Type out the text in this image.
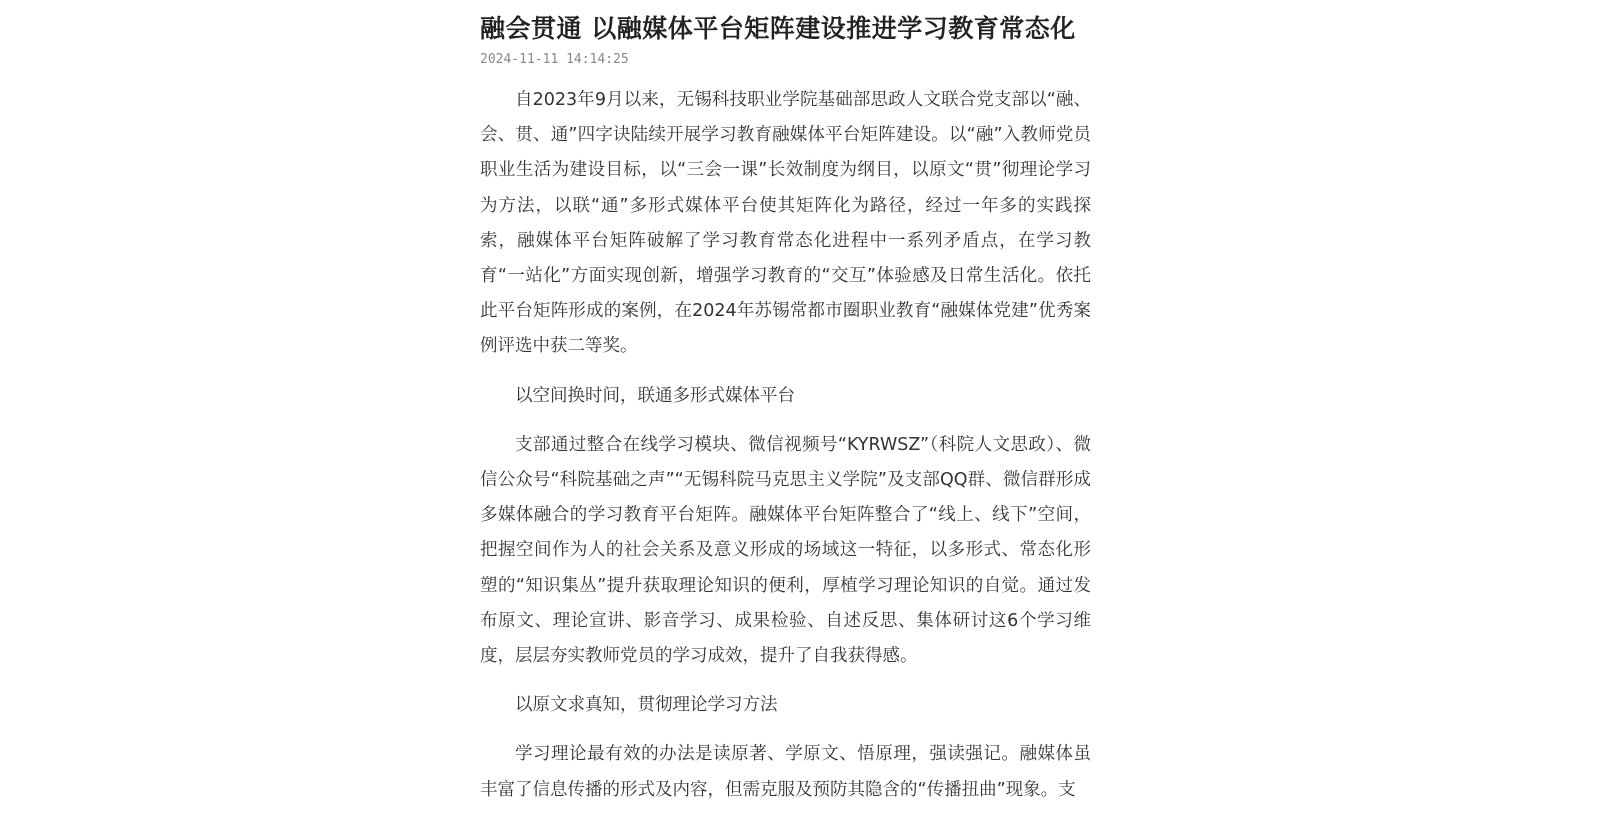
融会贯通 以融媒体平台矩阵建设推进学习教育常态化
2024-11-11 14:14:25

自2023年9月以来，无锡科技职业学院基础部思政人文联合党支部以“融、会、贯、通”四字诀陆续开展学习教育融媒体平台矩阵建设。以“融”入教师党员职业生活为建设目标，以“三会一课”长效制度为纲目，以原文“贯”彻理论学习为方法，以联“通”多形式媒体平台使其矩阵化为路径，经过一年多的实践探索，融媒体平台矩阵破解了学习教育常态化进程中一系列矛盾点，在学习教育“一站化”方面实现创新，增强学习教育的“交互”体验感及日常生活化。依托此平台矩阵形成的案例，在2024年苏锡常都市圈职业教育“融媒体党建”优秀案例评选中获二等奖。

以空间换时间，联通多形式媒体平台

支部通过整合在线学习模块、微信视频号“KYRWSZ”（科院人文思政）、微信公众号“科院基础之声”“无锡科院马克思主义学院”及支部QQ群、微信群形成多媒体融合的学习教育平台矩阵。融媒体平台矩阵整合了“线上、线下”空间，把握空间作为人的社会关系及意义形成的场域这一特征，以多形式、常态化形塑的“知识集丛”提升获取理论知识的便利，厚植学习理论知识的自觉。通过发布原文、理论宣讲、影音学习、成果检验、自述反思、集体研讨这6个学习维度，层层夯实教师党员的学习成效，提升了自我获得感。

以原文求真知，贯彻理论学习方法

学习理论最有效的办法是读原著、学原文、悟原理，强读强记。融媒体虽丰富了信息传播的形式及内容，但需克服及预防其隐含的“传播扭曲”现象。支
